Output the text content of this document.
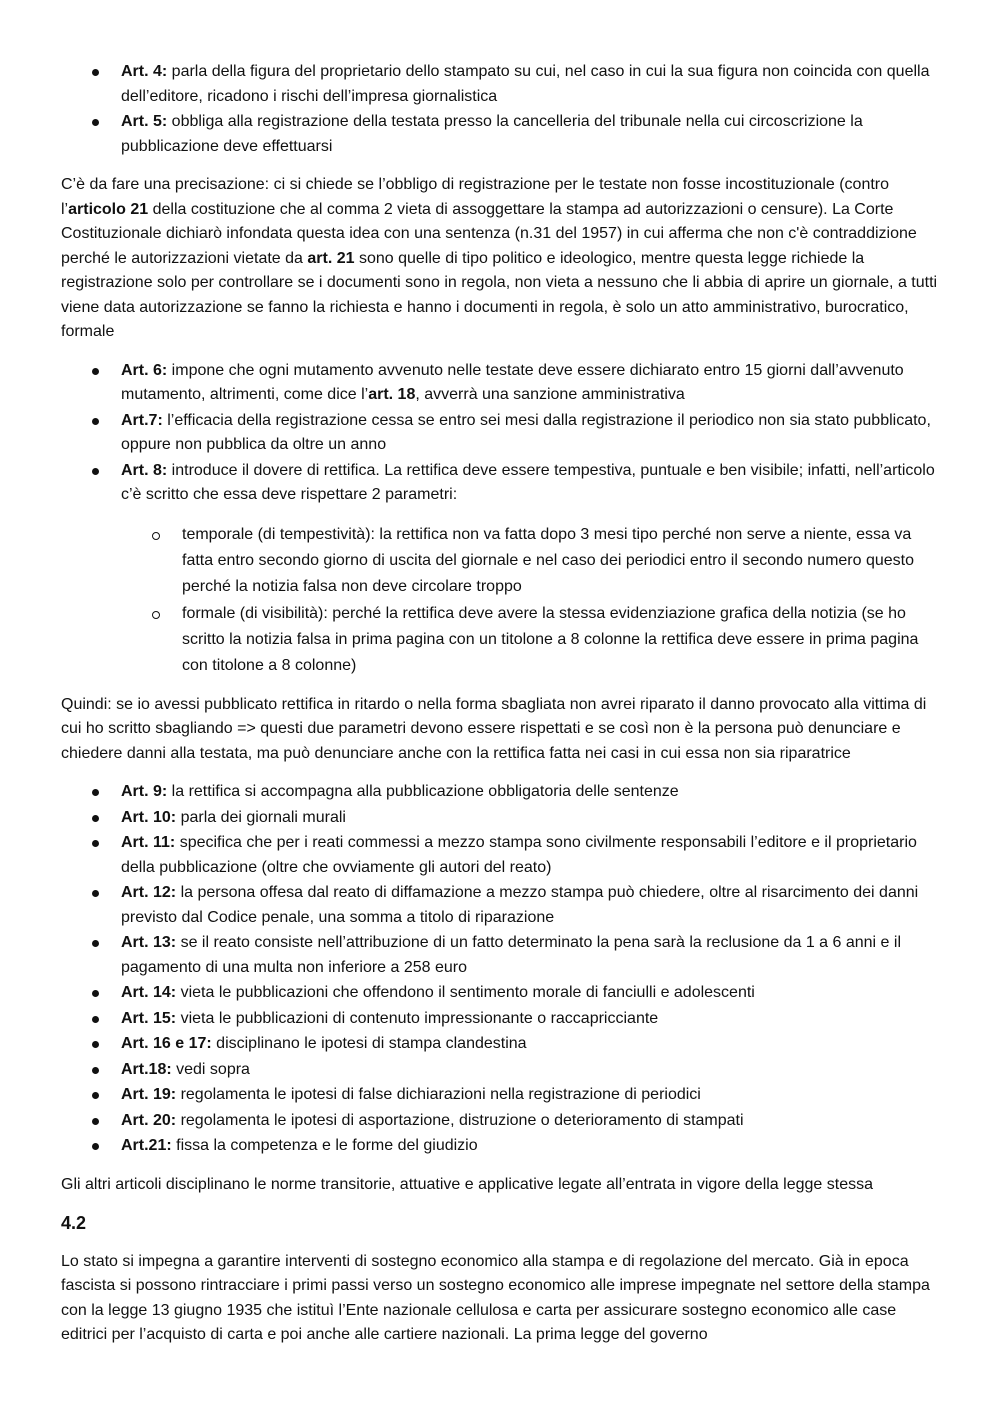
Art. 4: parla della figura del proprietario dello stampato su cui, nel caso in cui la sua figura non coincida con quella dell’editore, ricadono i rischi dell’impresa giornalistica
Art. 5: obbliga alla registrazione della testata presso la cancelleria del tribunale nella cui circoscrizione la pubblicazione deve effettuarsi

C’è da fare una precisazione: ci si chiede se l’obbligo di registrazione per le testate non fosse incostituzionale (contro l’articolo 21 della costituzione che al comma 2 vieta di assoggettare la stampa ad autorizzazioni o censure). La Corte Costituzionale dichiarò infondata questa idea con una sentenza (n.31 del 1957) in cui afferma che non c'è contraddizione perché le autorizzazioni vietate da art. 21 sono quelle di tipo politico e ideologico, mentre questa legge richiede la registrazione solo per controllare se i documenti sono in regola, non vieta a nessuno che li abbia di aprire un giornale, a tutti viene data autorizzazione se fanno la richiesta e hanno i documenti in regola, è solo un atto amministrativo, burocratico, formale

Art. 6: impone che ogni mutamento avvenuto nelle testate deve essere dichiarato entro 15 giorni dall’avvenuto mutamento, altrimenti, come dice l’art. 18, avverrà una sanzione amministrativa
Art.7: l’efficacia della registrazione cessa se entro sei mesi dalla registrazione il periodico non sia stato pubblicato, oppure non pubblica da oltre un anno
Art. 8: introduce il dovere di rettifica. La rettifica deve essere tempestiva, puntuale e ben visibile; infatti, nell’articolo c’è scritto che essa deve rispettare 2 parametri:
temporale (di tempestività): la rettifica non va fatta dopo 3 mesi tipo perché non serve a niente, essa va fatta entro secondo giorno di uscita del giornale e nel caso dei periodici entro il secondo numero questo perché la notizia falsa non deve circolare troppo
formale (di visibilità): perché la rettifica deve avere la stessa evidenziazione grafica della notizia (se ho scritto la notizia falsa in prima pagina con un titolone a 8 colonne la rettifica deve essere in prima pagina con titolone a 8 colonne)

Quindi: se io avessi pubblicato rettifica in ritardo o nella forma sbagliata non avrei riparato il danno provocato alla vittima di cui ho scritto sbagliando => questi due parametri devono essere rispettati e se così non è la persona può denunciare e chiedere danni alla testata, ma può denunciare anche con la rettifica fatta nei casi in cui essa non sia riparatrice

Art. 9: la rettifica si accompagna alla pubblicazione obbligatoria delle sentenze
Art. 10: parla dei giornali murali
Art. 11: specifica che per i reati commessi a mezzo stampa sono civilmente responsabili l’editore e il proprietario della pubblicazione (oltre che ovviamente gli autori del reato)
Art. 12: la persona offesa dal reato di diffamazione a mezzo stampa può chiedere, oltre al risarcimento dei danni previsto dal Codice penale, una somma a titolo di riparazione
Art. 13: se il reato consiste nell’attribuzione di un fatto determinato la pena sarà la reclusione da 1 a 6 anni e il pagamento di una multa non inferiore a 258 euro
Art. 14: vieta le pubblicazioni che offendono il sentimento morale di fanciulli e adolescenti
Art. 15: vieta le pubblicazioni di contenuto impressionante o raccapricciante
Art. 16 e 17: disciplinano le ipotesi di stampa clandestina
Art.18: vedi sopra
Art. 19: regolamenta le ipotesi di false dichiarazioni nella registrazione di periodici
Art. 20: regolamenta le ipotesi di asportazione, distruzione o deterioramento di stampati
Art.21: fissa la competenza e le forme del giudizio

Gli altri articoli disciplinano le norme transitorie, attuative e applicative legate all’entrata in vigore della legge stessa

4.2

Lo stato si impegna a garantire interventi di sostegno economico alla stampa e di regolazione del mercato. Già in epoca fascista si possono rintracciare i primi passi verso un sostegno economico alle imprese impegnate nel settore della stampa con la legge 13 giugno 1935 che istituì l’Ente nazionale cellulosa e carta per assicurare sostegno economico alle case editrici per l’acquisto di carta e poi anche alle cartiere nazionali. La prima legge del governo
